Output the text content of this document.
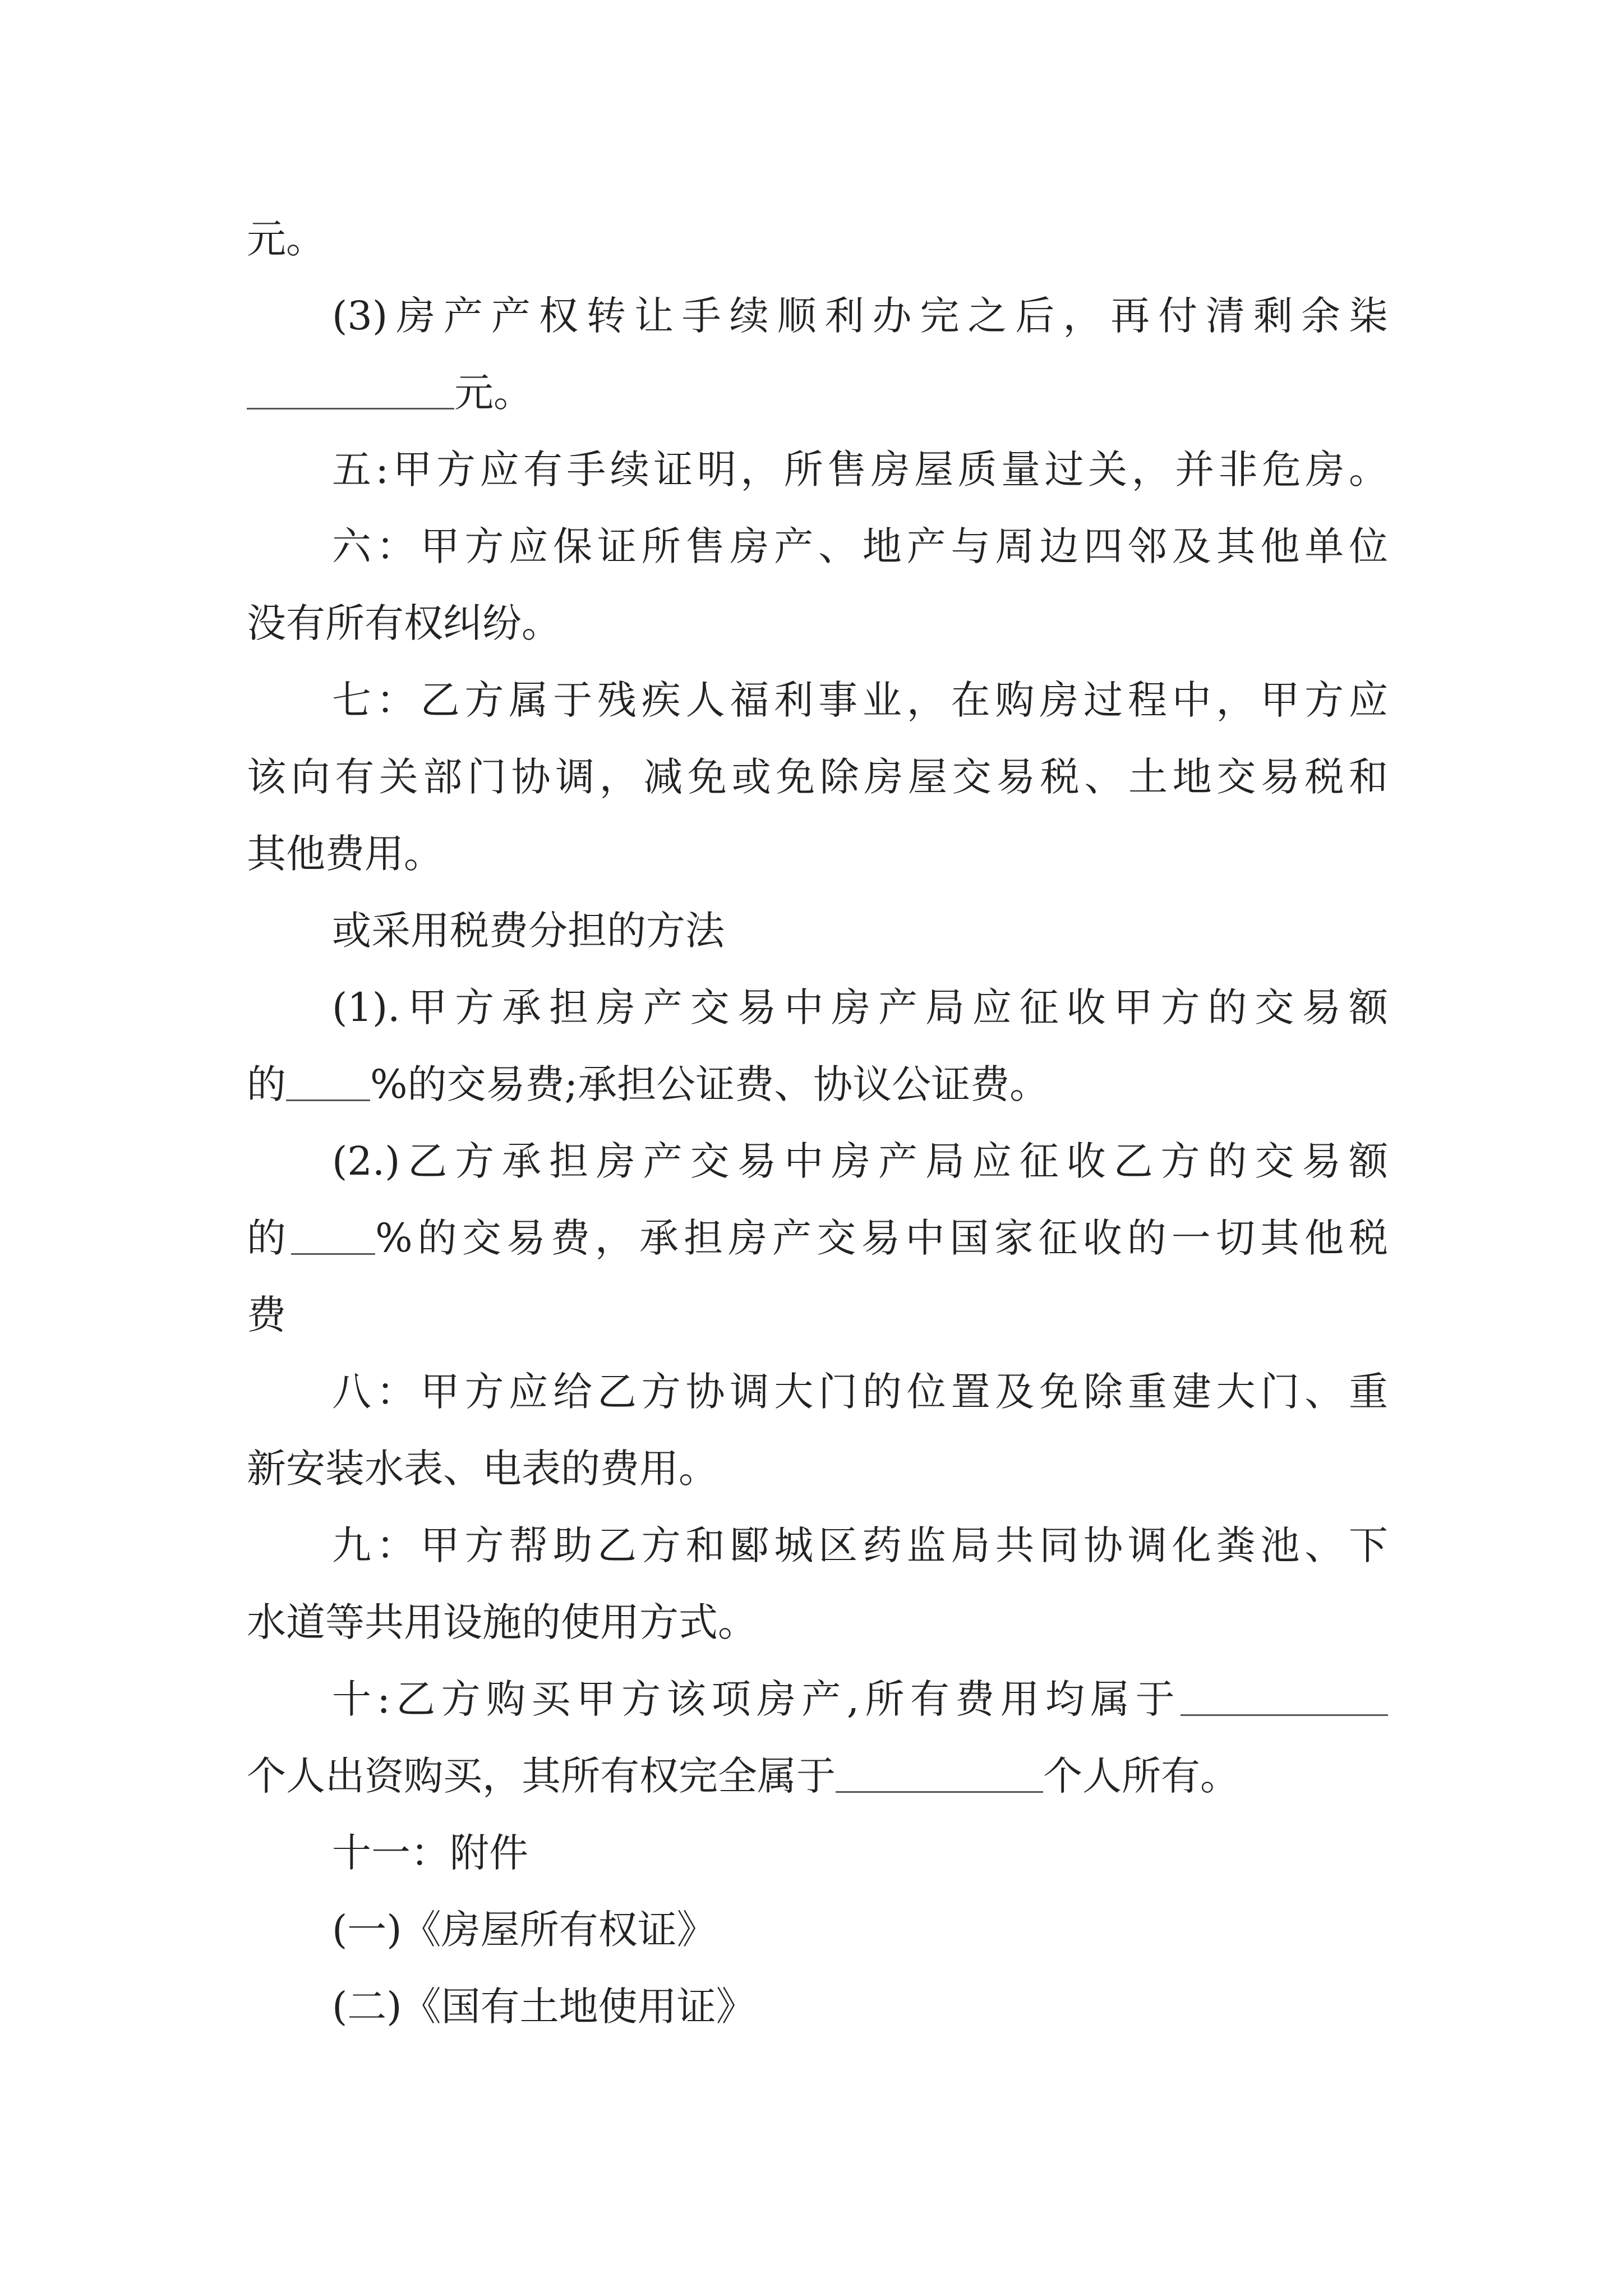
元。
(3)房产产权转让手续顺利办完之后，再付清剩余柒
元。
五:甲方应有手续证明，所售房屋质量过关，并非危房。
六：甲方应保证所售房产、地产与周边四邻及其他单位
没有所有权纠纷。
七：乙方属于残疾人福利事业，在购房过程中，甲方应
该向有关部门协调，减免或免除房屋交易税、土地交易税和
其他费用。
或采用税费分担的方法
(1).甲方承担房产交易中房产局应征收甲方的交易额
的 %的交易费;承担公证费、协议公证费。
(2.)乙方承担房产交易中房产局应征收乙方的交易额
的 %的交易费，承担房产交易中国家征收的一切其他税
费
八：甲方应给乙方协调大门的位置及免除重建大门、重
新安装水表、电表的费用。
九：甲方帮助乙方和郾城区药监局共同协调化粪池、下
水道等共用设施的使用方式。
十:乙方购买甲方该项房产,所有费用均属于
个人出资购买，其所有权完全属于	个人所有。
十一：附件
(一)《房屋所有权证》
(二)《国有土地使用证》
